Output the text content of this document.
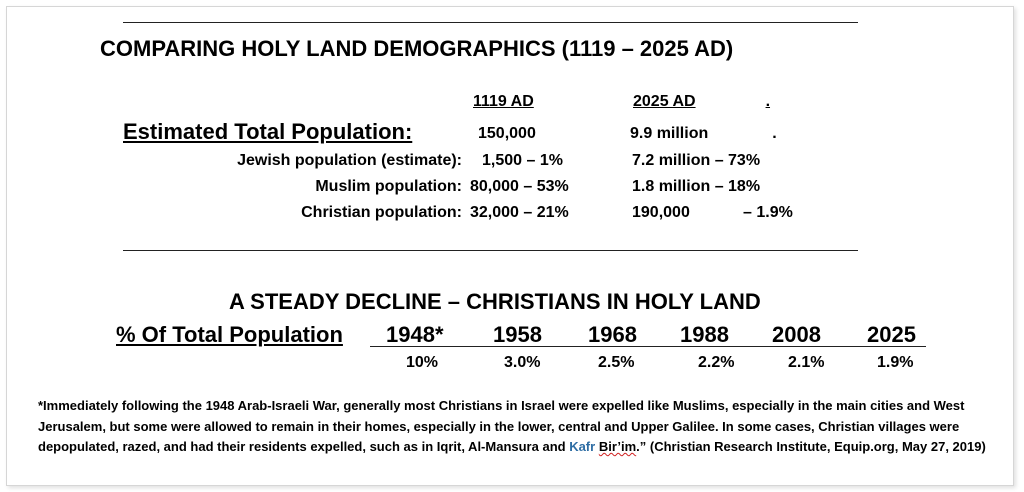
COMPARING HOLY LAND DEMOGRAPHICS (1119 – 2025 AD)
1119 AD	2025 AD	.
Estimated Total Population:	150,000	9.9 million	.
Jewish population (estimate): 1,500 – 1%	7.2 million – 73%
Muslim population: 80,000 – 53%	1.8 million – 18%
Christian population: 32,000 – 21%	190,000	– 1.9%
A STEADY DECLINE – CHRISTIANS IN HOLY LAND
% Of Total Population 1948* 1958 1968 1988 2008 2025
10%	3.0%	2.5%	2.2%	2.1%	1.9%
*Immediately following the 1948 Arab-Israeli War, generally most Christians in Israel were expelled like Muslims, especially in the main cities and West Jerusalem, but some were allowed to remain in their homes, especially in the lower, central and Upper Galilee. In some cases, Christian villages were depopulated, razed, and had their residents expelled, such as in Iqrit, Al-Mansura and Kafr Bir’im.” (Christian Research Institute, Equip.org, May 27, 2019)
